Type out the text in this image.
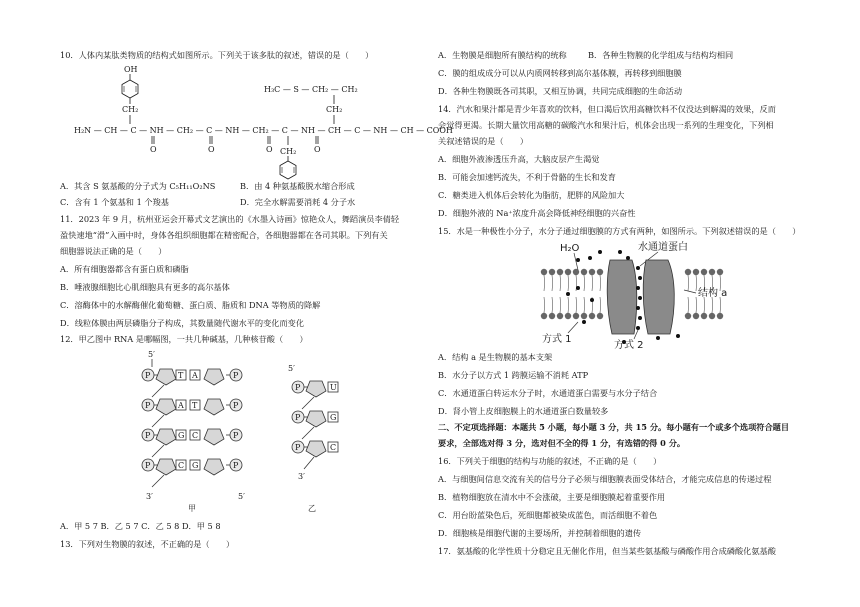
10．人体内某肽类物质的结构式如图所示。下列关于该多肽的叙述，错误的是（　　）
OH
CH₂
H₃C — S — CH₂ — CH₂
CH₂
H₂N — CH — C — NH — CH₂ — C — NH — CH₂ — C — NH — CH — C — NH — CH — COOH
O	O	O	O
CH₂
A．其含 S 氨基酸的分子式为 C₅H₁₁O₂NS	B．由 4 种氨基酸脱水缩合形成
C．含有 1 个氨基和 1 个羧基	D．完全水解需要消耗 4 分子水
11．2023 年 9 月，杭州亚运会开幕式文艺演出的《水墨入诗画》惊艳众人，舞蹈演员李倩轻
盈快速地“滑”入画中时，身体各组织细胞都在精密配合，各细胞器都在各司其职。下列有关
细胞器说法正确的是（　　）
A．所有细胞器都含有蛋白质和磷脂
B．唾液腺细胞比心肌细胞具有更多的高尔基体
C．溶酶体中的水解酶催化葡萄糖、蛋白质、脂质和 DNA 等物质的降解
D．线粒体膜由两层磷脂分子构成，其数量随代谢水平的变化而变化
12．甲乙图中 RNA 是哪幅图，一共几种碱基，几种核苷酸（　　）
5′
P	T
P	A
P	G
P	C
3′
A	P
T	P
C	P
G	P
5′
甲
5′
P	U
P	G
P	C
3′
乙
A．甲 5 7 B．乙 5 7 C．乙 5 8 D．甲 5 8
13．下列对生物膜的叙述，不正确的是（　　）
A．生物膜是细胞所有膜结构的统称	B．各种生物膜的化学组成与结构均相同
C．膜的组成成分可以从内质网转移到高尔基体膜，再转移到细胞膜
D．各种生物膜既各司其职，又相互协调，共同完成细胞的生命活动
14．汽水和果汁都是青少年喜欢的饮料，但口渴后饮用高糖饮料不仅没达到解渴的效果，反而
会觉得更渴。长期大量饮用高糖的碳酸汽水和果汁后，机体会出现一系列的生理变化，下列相
关叙述错误的是（　　）
A．细胞外液渗透压升高，大脑皮层产生渴觉
B．可能会加速钙流失，不利于骨骼的生长和发育
C．糖类进入机体后会转化为脂肪，肥胖的风险加大
D．细胞外液的 Na⁺浓度升高会降低神经细胞的兴奋性
15．水是一种极性小分子，水分子通过细胞膜的方式有两种，如图所示。下列叙述错误的是（　　）
H₂O	水通道蛋白
结构 a
方式 1
方式 2
A．结构 a 是生物膜的基本支架
B．水分子以方式 1 跨膜运输不消耗 ATP
C．水通道蛋白转运水分子时，水通道蛋白需要与水分子结合
D．肾小管上皮细胞膜上的水通道蛋白数量较多
二、不定项选择题：本题共 5 小题，每小题 3 分，共 15 分。每小题有一个或多个选项符合题目
要求，全部选对得 3 分，选对但不全的得 1 分，有选错的得 0 分。
16．下列关于细胞的结构与功能的叙述，不正确的是（　　）
A．与细胞间信息交流有关的信号分子必须与细胞膜表面受体结合，才能完成信息的传递过程
B．植物细胞放在清水中不会涨破，主要是细胞膜起着重要作用
C．用台盼蓝染色后，死细胞都被染成蓝色，而活细胞不着色
D．细胞核是细胞代谢的主要场所，并控制着细胞的遗传
17．氨基酸的化学性质十分稳定且无催化作用，但当某些氨基酸与磷酸作用合成磷酸化氨基酸
